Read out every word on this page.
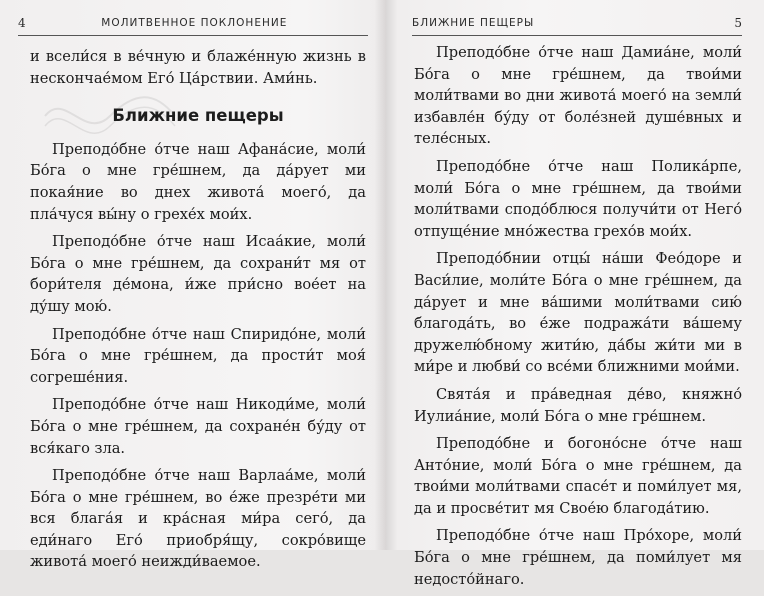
4	МОЛИТВЕННОЕ ПОКЛОНЕНИЕ

и всели́ся в ве́чную и блаже́нную жизнь в нескончае́мом Его́ Ца́рствии. Ами́нь.

Ближние пещеры

Преподо́бне о́тче наш Афана́сие, моли́ Бо́га о мне гре́шнем, да да́рует ми покая́ние во днех живота́ моего́, да пла́чуся вы́ну о грехе́х мои́х.

Преподо́бне о́тче наш Исаа́кие, моли́ Бо́га о мне гре́шнем, да сохрани́т мя от бори́теля де́мона, и́же при́сно вое́ет на ду́шу мою́.

Преподо́бне о́тче наш Спиридо́не, моли́ Бо́га о мне гре́шнем, да прости́т моя́ согреше́ния.

Преподо́бне о́тче наш Никоди́ме, моли́ Бо́га о мне гре́шнем, да сохране́н бу́ду от вся́каго зла.

Преподо́бне о́тче наш Варлаа́ме, моли́ Бо́га о мне гре́шнем, во е́же презре́ти ми вся блага́я и кра́сная ми́ра сего́, да еди́наго Его́ приобря́щу, сокро́вище живота́ моего́ неижди́ваемое.

БЛИЖНИЕ ПЕЩЕРЫ	5

Преподо́бне о́тче наш Дамиа́не, моли́ Бо́га о мне гре́шнем, да твои́ми моли́твами во дни живота́ моего́ на земли́ избавле́н бу́ду от боле́зней душе́вных и теле́сных.

Преподо́бне о́тче наш Полика́рпе, моли́ Бо́га о мне гре́шнем, да твои́ми моли́твами сподо́блюся получи́ти от Него́ отпуще́ние мно́жества грехо́в мои́х.

Преподо́бнии отцы́ на́ши Фео́доре и Васи́лие, моли́те Бо́га о мне гре́шнем, да да́рует и мне ва́шими моли́твами сию́ благода́ть, во е́же подража́ти ва́шему дружелю́бному жити́ю, да́бы жи́ти ми в ми́ре и любви́ со все́ми ближними мои́ми.

Свята́я и пра́ведная де́во, княжно́ Иулиа́ние, моли́ Бо́га о мне гре́шнем.

Преподо́бне и богоно́сне о́тче наш Анто́ние, моли́ Бо́га о мне гре́шнем, да твои́ми моли́твами спасе́т и поми́лует мя, да и просве́тит мя Свое́ю благода́тию.

Преподо́бне о́тче наш Про́хоре, моли́ Бо́га о мне гре́шнем, да поми́лует мя недосто́йнаго.
